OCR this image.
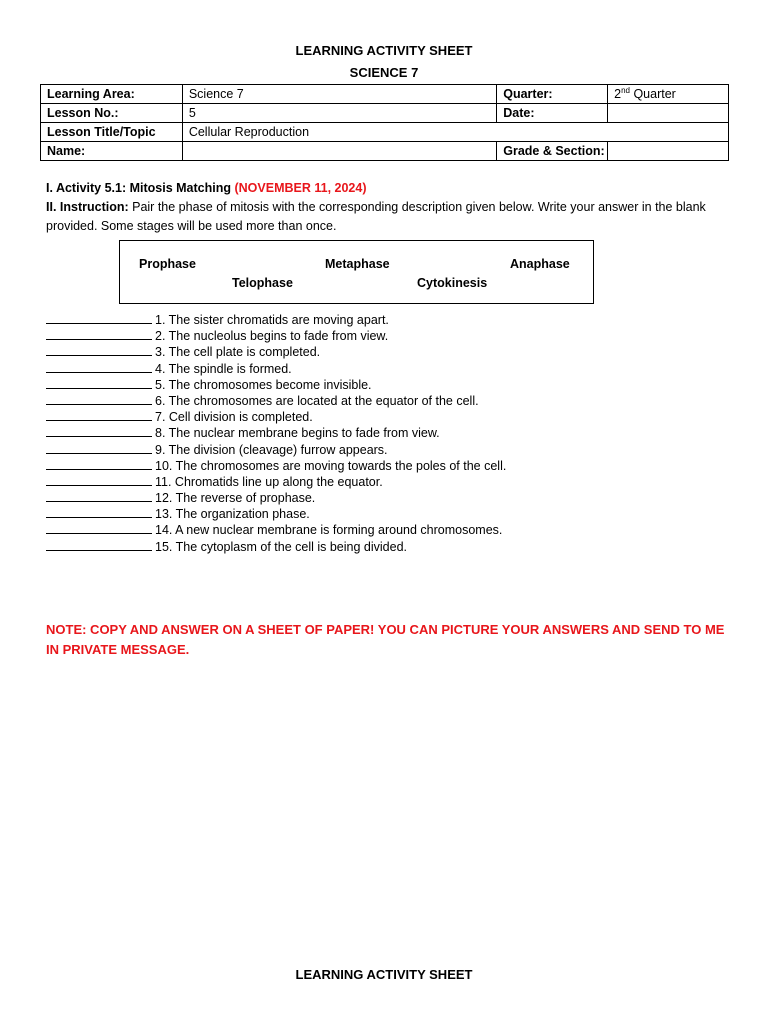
LEARNING ACTIVITY SHEET
SCIENCE 7
Learning Area:	Science 7	Quarter:	2nd Quarter
Lesson No.:	5	Date:	
Lesson Title/Topic	Cellular Reproduction		
Name:		Grade & Section:	
I. Activity 5.1: Mitosis Matching (NOVEMBER 11, 2024)
II. Instruction: Pair the phase of mitosis with the corresponding description given below. Write your answer in the blank provided. Some stages will be used more than once.
Prophase	Metaphase	Anaphase
Telophase	Cytokinesis
1. The sister chromatids are moving apart.
2. The nucleolus begins to fade from view.
3. The cell plate is completed.
4. The spindle is formed.
5. The chromosomes become invisible.
6. The chromosomes are located at the equator of the cell.
7. Cell division is completed.
8. The nuclear membrane begins to fade from view.
9. The division (cleavage) furrow appears.
10. The chromosomes are moving towards the poles of the cell.
11. Chromatids line up along the equator.
12. The reverse of prophase.
13. The organization phase.
14. A new nuclear membrane is forming around chromosomes.
15. The cytoplasm of the cell is being divided.
NOTE: COPY AND ANSWER ON A SHEET OF PAPER! YOU CAN PICTURE YOUR ANSWERS AND SEND TO ME IN PRIVATE MESSAGE.
LEARNING ACTIVITY SHEET
